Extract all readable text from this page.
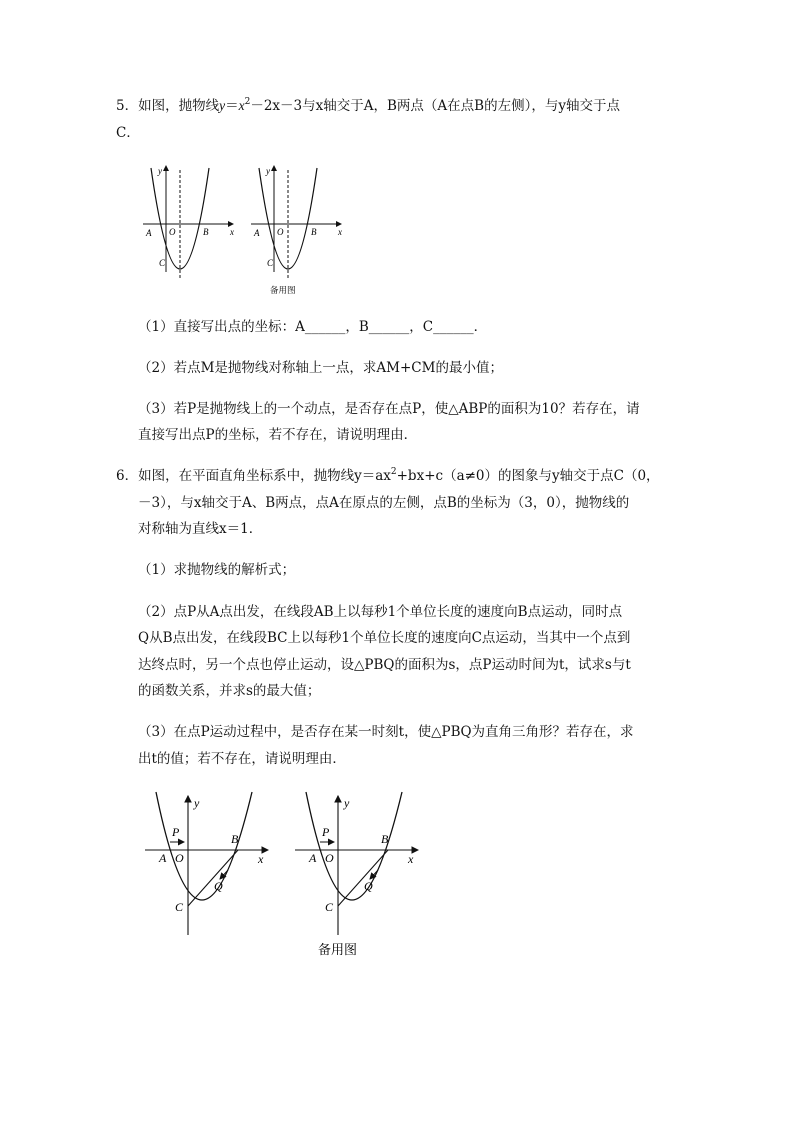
5．如图，抛物线$y=x^2-2x-3$与x轴交于A，B两点（A在点B的左侧），与y轴交于点
C．
y
x
A O	B
C
y
x
A O	B
C
备用图
（1）直接写出点的坐标：A______，B______，C______．
（2）若点M是抛物线对称轴上一点，求AM+CM的最小值；
（3）若P是抛物线上的一个动点，是否存在点P，使△ABP的面积为10？若存在，请
直接写出点P的坐标，若不存在，请说明理由．
6．如图，在平面直角坐标系中，抛物线$y=ax^2+bx+c(a\ne 0)$的图象与y轴交于点C（0，
－3），与x轴交于A、B两点，点A在原点的左侧，点B的坐标为（3，0），抛物线的
对称轴为直线x＝1．
（1）求抛物线的解析式；
（2）点P从A点出发，在线段AB上以每秒1个单位长度的速度向B点运动，同时点
Q从B点出发，在线段BC上以每秒1个单位长度的速度向C点运动，当其中一个点到
达终点时，另一个点也停止运动，设△PBQ的面积为s，点P运动时间为t，试求s与t
的函数关系，并求s的最大值；
（3）在点P运动过程中，是否存在某一时刻t，使△PBQ为直角三角形？若存在，求
出t的值；若不存在，请说明理由．
y
x
P
A O
B
Q
C
y
x
P
A O
B
Q
C
备用图
